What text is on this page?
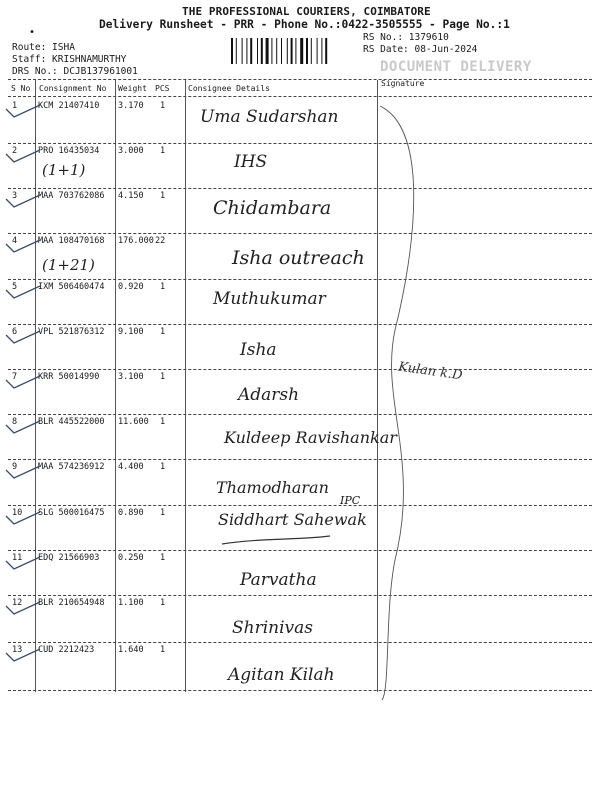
THE PROFESSIONAL COURIERS, COIMBATORE
Delivery Runsheet - PRR - Phone No.:0422-3505555 - Page No.:1
•
Route: ISHA
Staff: KRISHNAMURTHY
DRS No.: DCJB137961001
RS No.: 1379610
RS Date: 08-Jun-2024
DOCUMENT DELIVERY
S No Consignment No Weight PCS Consignee Details
Signature
1 KCM 21407410 3.170 1
Uma Sudarshan
2 PRO 16435034 3.000 1
IHS
(1+1)
3 MAA 703762086 4.150 1
Chidambara
4 MAA 108470168 176.000 22
Isha outreach
(1+21)
5 IXM 506460474 0.920 1
Muthukumar
6 VPL 521876312 9.100 1
Isha
7 KRR 50014990 3.100 1
Adarsh
8 BLR 445522000 11.600 1
Kuldeep Ravishankar
9 MAA 574236912 4.400 1
Thamodharan
10 SLG 500016475 0.890 1	Siddhart Sahewak
IPC
11 EDQ 21566903 0.250 1
Parvatha
12 BLR 210654948 1.100 1
Shrinivas
13 CUD 2212423	1.640 1
Agitan Kilah
Kulan k.D
